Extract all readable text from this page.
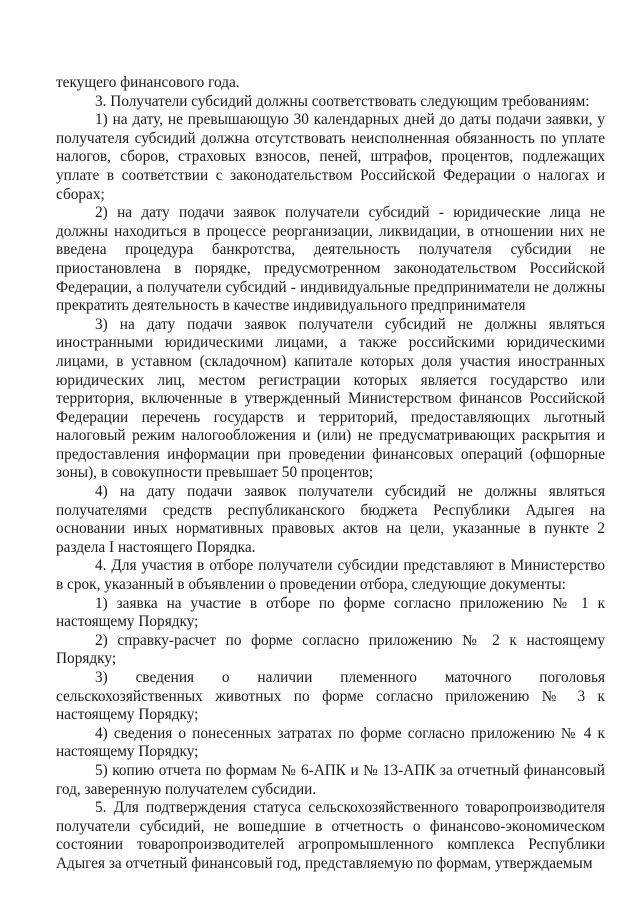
текущего финансового года.

3. Получатели субсидий должны соответствовать следующим требованиям:

1) на дату, не превышающую 30 календарных дней до даты подачи заявки, у получателя субсидий должна отсутствовать неисполненная обязанность по уплате налогов, сборов, страховых взносов, пеней, штрафов, процентов, подлежащих уплате в соответствии с законодательством Российской Федерации о налогах и сборах;

2) на дату подачи заявок получатели субсидий - юридические лица не должны находиться в процессе реорганизации, ликвидации, в отношении них не введена процедура банкротства, деятельность получателя субсидии не приостановлена в порядке, предусмотренном законодательством Российской Федерации, а получатели субсидий - индивидуальные предприниматели не должны прекратить деятельность в качестве индивидуального предпринимателя

3) на дату подачи заявок получатели субсидий не должны являться иностранными юридическими лицами, а также российскими юридическими лицами, в уставном (складочном) капитале которых доля участия иностранных юридических лиц, местом регистрации которых является государство или территория, включенные в утвержденный Министерством финансов Российской Федерации перечень государств и территорий, предоставляющих льготный налоговый режим налогообложения и (или) не предусматривающих раскрытия и предоставления информации при проведении финансовых операций (офшорные зоны), в совокупности превышает 50 процентов;

4) на дату подачи заявок получатели субсидий не должны являться получателями средств республиканского бюджета Республики Адыгея на основании иных нормативных правовых актов на цели, указанные в пункте 2 раздела I настоящего Порядка.

4. Для участия в отборе получатели субсидии представляют в Министерство в срок, указанный в объявлении о проведении отбора, следующие документы:

1) заявка на участие в отборе по форме согласно приложению № 1 к настоящему Порядку;

2) справку-расчет по форме согласно приложению № 2 к настоящему Порядку;

3) сведения о наличии племенного маточного поголовья сельскохозяйственных животных по форме согласно приложению № 3 к настоящему Порядку;

4) сведения о понесенных затратах по форме согласно приложению № 4 к настоящему Порядку;

5) копию отчета по формам № 6-АПК и № 13-АПК за отчетный финансовый год, заверенную получателем субсидии.

5. Для подтверждения статуса сельскохозяйственного товаропроизводителя получатели субсидий, не вошедшие в отчетность о финансово-экономическом состоянии товаропроизводителей агропромышленного комплекса Республики Адыгея за отчетный финансовый год, представляемую по формам, утверждаемым
